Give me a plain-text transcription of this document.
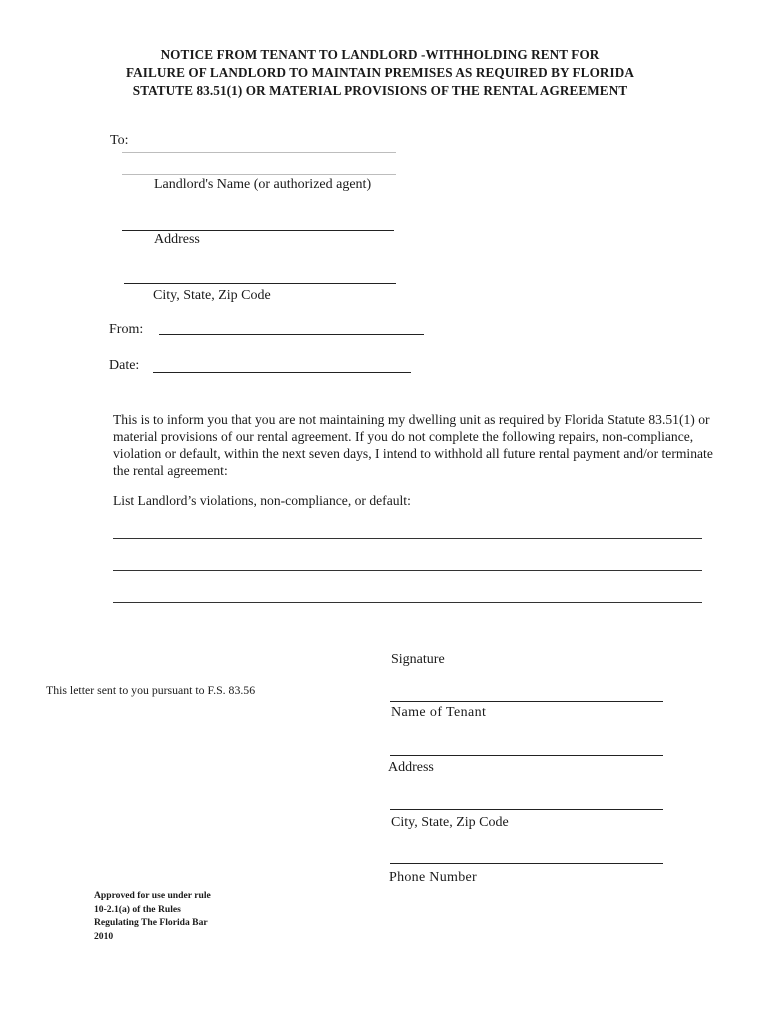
NOTICE FROM TENANT TO LANDLORD -WITHHOLDING RENT FOR
FAILURE OF LANDLORD TO MAINTAIN PREMISES AS REQUIRED BY FLORIDA
STATUTE 83.51(1) OR MATERIAL PROVISIONS OF THE RENTAL AGREEMENT
To:
Landlord's Name (or authorized agent)
Address
City, State, Zip Code
From:
Date:
This is to inform you that you are not maintaining my dwelling unit as required by Florida Statute 83.51(1) or
material provisions of our rental agreement. If you do not complete the following repairs, non-compliance,
violation or default, within the next seven days, I intend to withhold all future rental payment and/or terminate
the rental agreement:
List Landlord’s violations, non-compliance, or default:
This letter sent to you pursuant to F.S. 83.56
Signature
Name of Tenant
Address
City, State, Zip Code
Phone Number
Approved for use under rule
10-2.1(a) of the Rules
Regulating The Florida Bar
2010
